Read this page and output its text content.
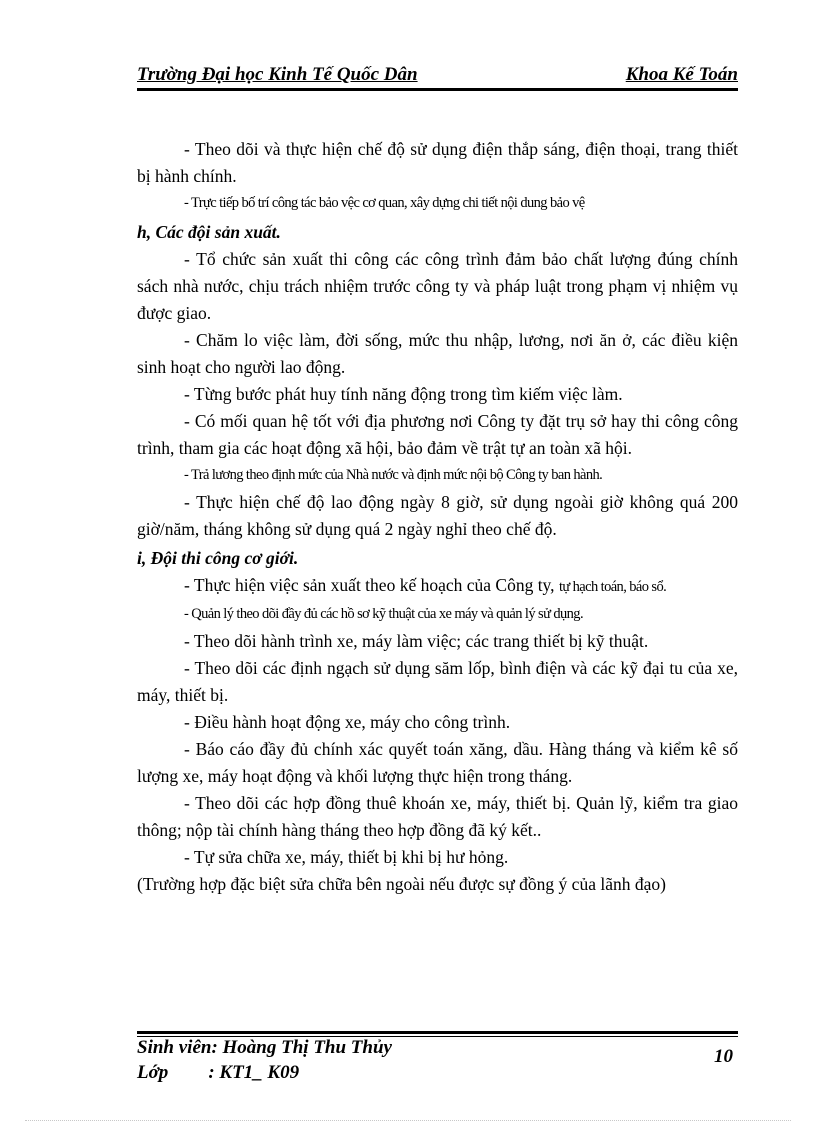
Trường Đại học Kinh Tế Quốc Dân	Khoa Kế Toán

- Theo dõi và thực hiện chế độ sử dụng điện thắp sáng, điện thoại, trang thiết bị hành chính.

- Trực tiếp bố trí công tác bảo vệc cơ quan, xây dựng chi tiết nội dung bảo vệ

h, Các đội sản xuất.

- Tổ chức sản xuất thi công các công trình đảm bảo chất lượng đúng chính sách nhà nước, chịu trách nhiệm trước công ty và pháp luật trong phạm vị nhiệm vụ được giao.

- Chăm lo việc làm, đời sống, mức thu nhập, lương, nơi ăn ở, các điều kiện sinh hoạt cho người lao động.

- Từng bước phát huy tính năng động trong tìm kiếm việc làm.

- Có mối quan hệ tốt với địa phương nơi Công ty đặt trụ sở hay thi công công trình, tham gia các hoạt động xã hội, bảo đảm về trật tự an toàn xã hội.

- Trả lương theo định mức của Nhà nước và định mức nội bộ Công ty ban hành.

- Thực hiện chế độ lao động ngày 8 giờ, sử dụng ngoài giờ không quá 200 giờ/năm, tháng không sử dụng quá 2 ngày nghỉ theo chế độ.

i, Đội thi công cơ giới.

- Thực hiện việc sản xuất theo kế hoạch của Công ty, tự hạch toán, báo sổ.

- Quản lý theo dõi đầy đủ các hồ sơ kỹ thuật của xe máy và quản lý sử dụng.

- Theo dõi hành trình xe, máy làm việc; các trang thiết bị kỹ thuật.

- Theo dõi các định ngạch sử dụng săm lốp, bình điện và các kỹ đại tu của xe, máy, thiết bị.

- Điều hành hoạt động xe, máy cho công trình.

- Báo cáo đầy đủ chính xác quyết toán xăng, dầu. Hàng tháng và kiểm kê số lượng xe, máy hoạt động và khối lượng thực hiện trong tháng.

- Theo dõi các hợp đồng thuê khoán xe, máy, thiết bị. Quản lỹ, kiểm tra giao thông; nộp tài chính hàng tháng theo hợp đồng đã ký kết..

- Tự sửa chữa xe, máy, thiết bị khi bị hư hỏng.

(Trường hợp đặc biệt sửa chữa bên ngoài nếu được sự đồng ý của lãnh đạo)

Sinh viên: Hoàng Thị Thu Thủy
Lớp : KT1_ K09
10
